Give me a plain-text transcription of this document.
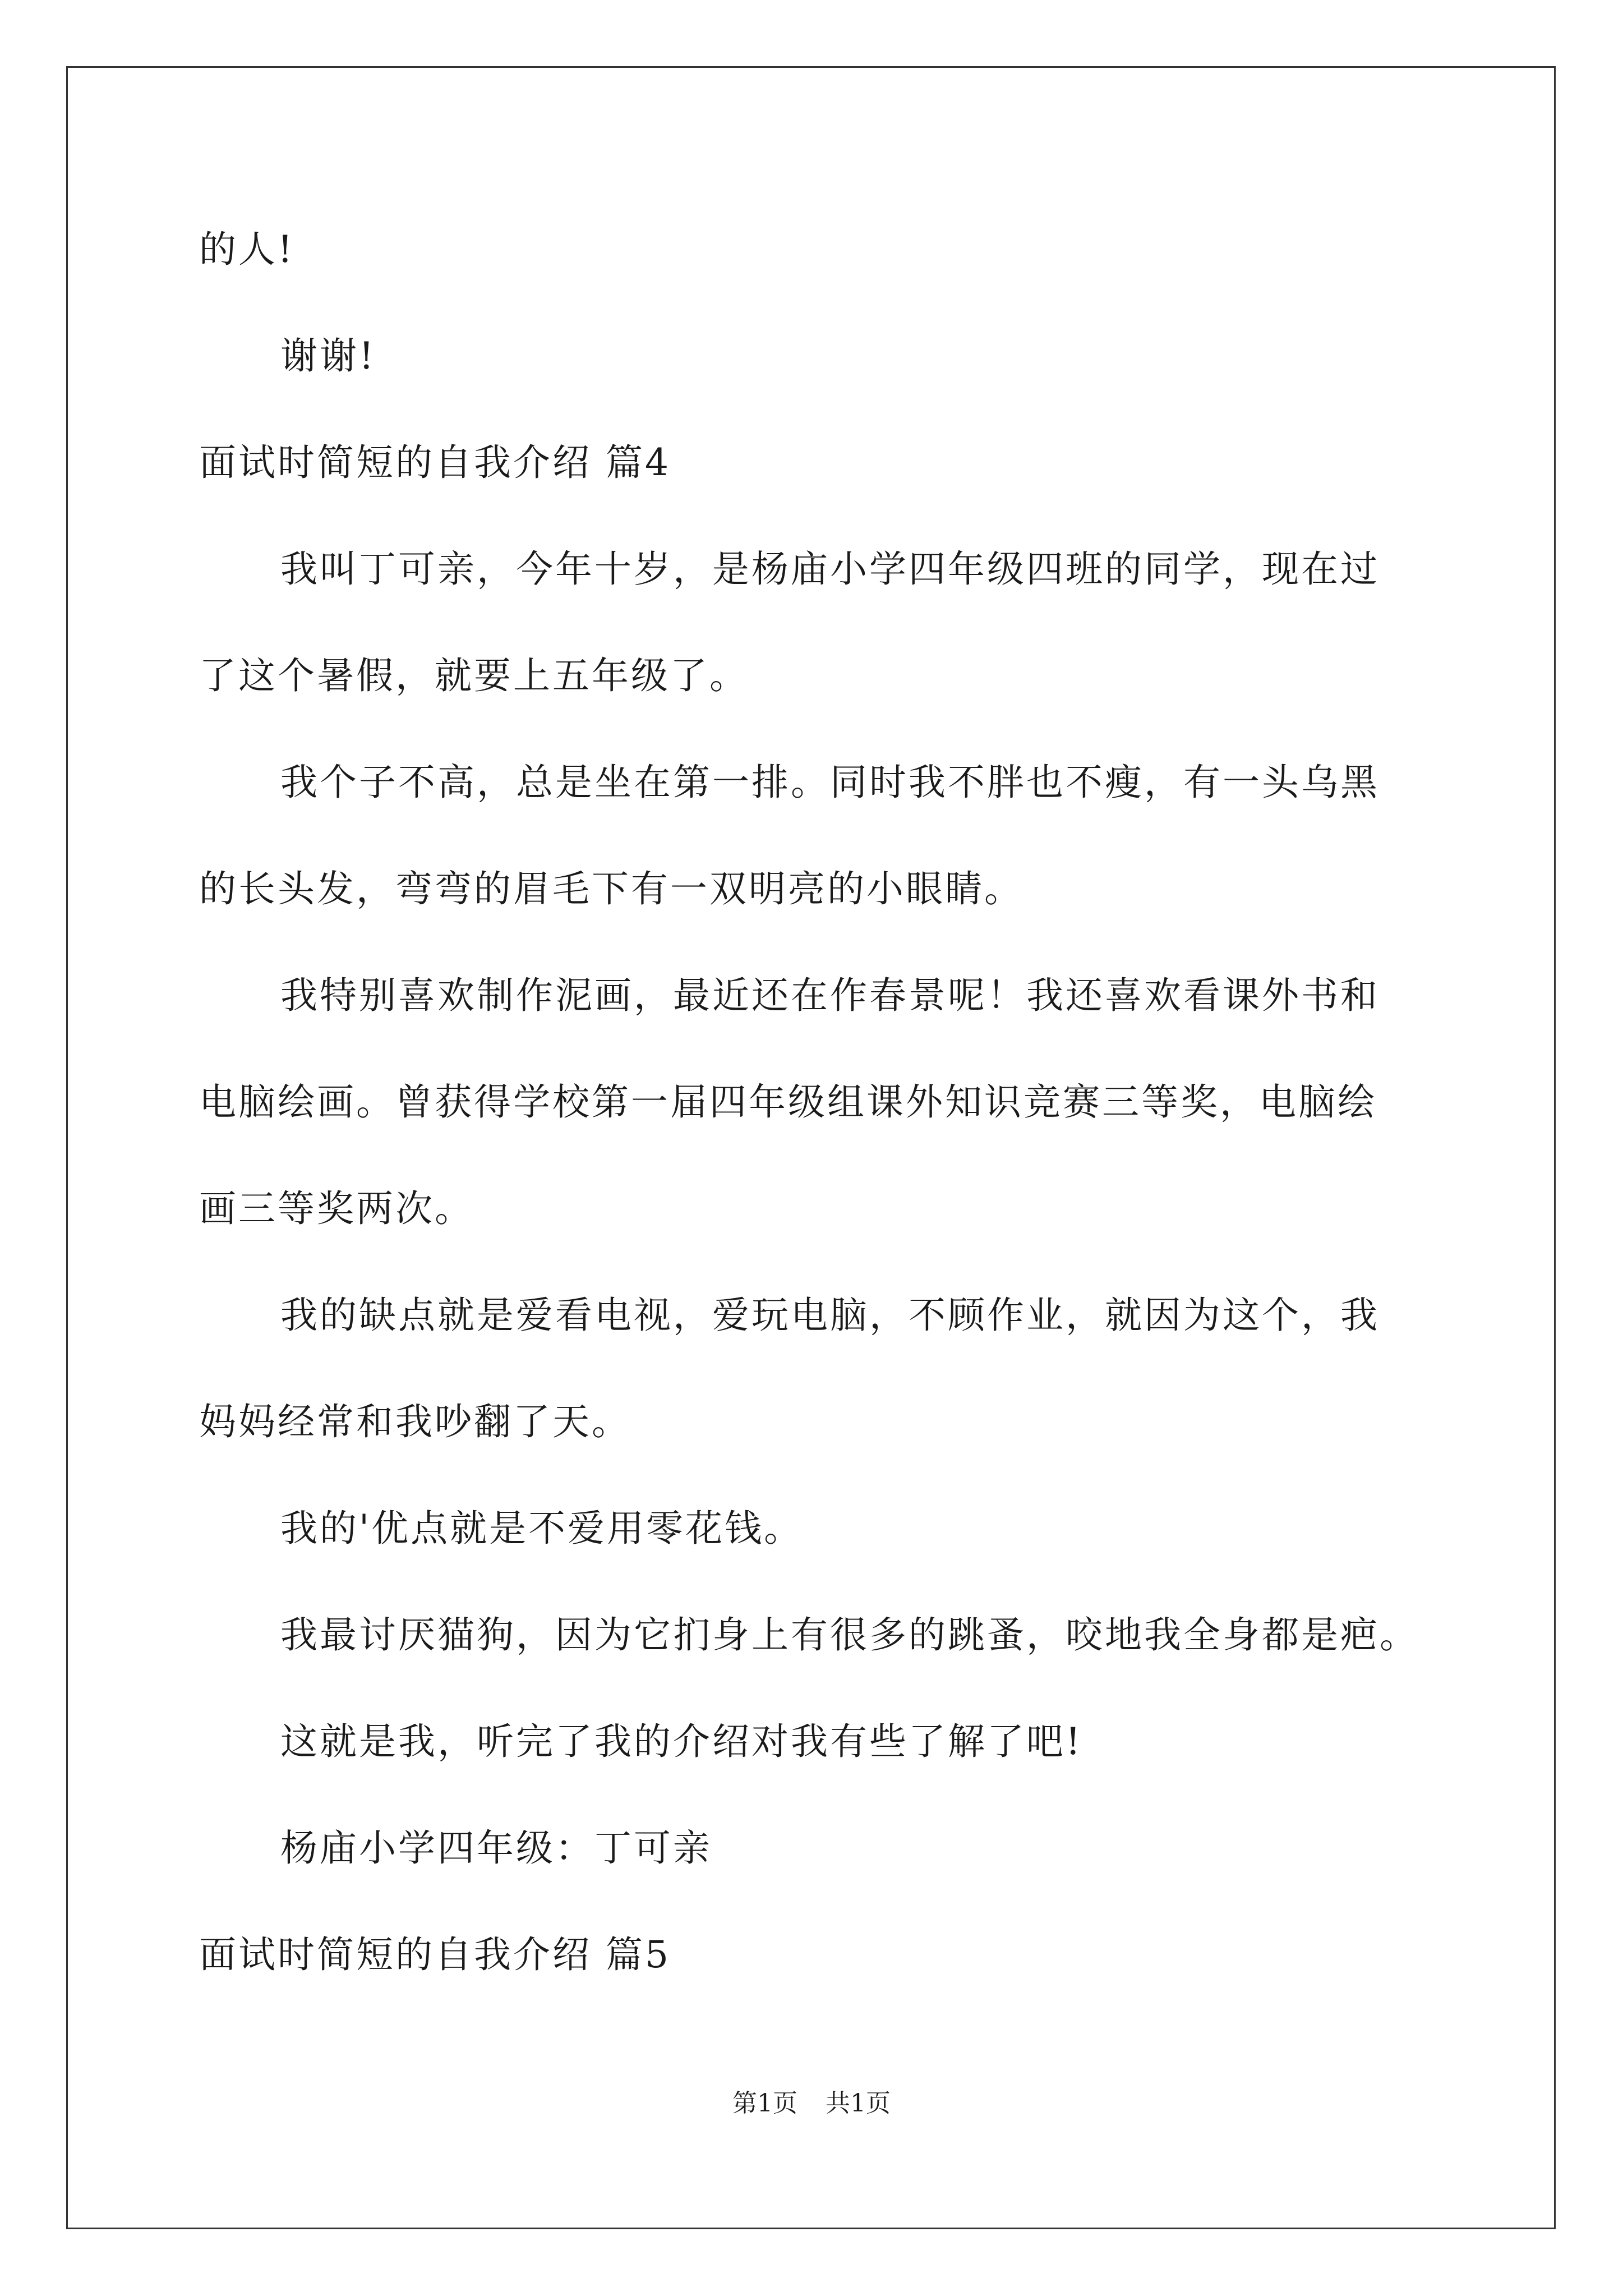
的人!
谢谢!
面试时简短的自我介绍 篇4
我叫丁可亲，今年十岁，是杨庙小学四年级四班的同学，现在过
了这个暑假，就要上五年级了。
我个子不高，总是坐在第一排。同时我不胖也不瘦，有一头乌黑
的长头发，弯弯的眉毛下有一双明亮的小眼睛。
我特别喜欢制作泥画，最近还在作春景呢！我还喜欢看课外书和
电脑绘画。曾获得学校第一届四年级组课外知识竞赛三等奖，电脑绘
画三等奖两次。
我的缺点就是爱看电视，爱玩电脑，不顾作业，就因为这个，我
妈妈经常和我吵翻了天。
我的'优点就是不爱用零花钱。
我最讨厌猫狗，因为它扪身上有很多的跳蚤，咬地我全身都是疤。
这就是我，听完了我的介绍对我有些了解了吧!
杨庙小学四年级：丁可亲
面试时简短的自我介绍 篇5
第1页 共1页
